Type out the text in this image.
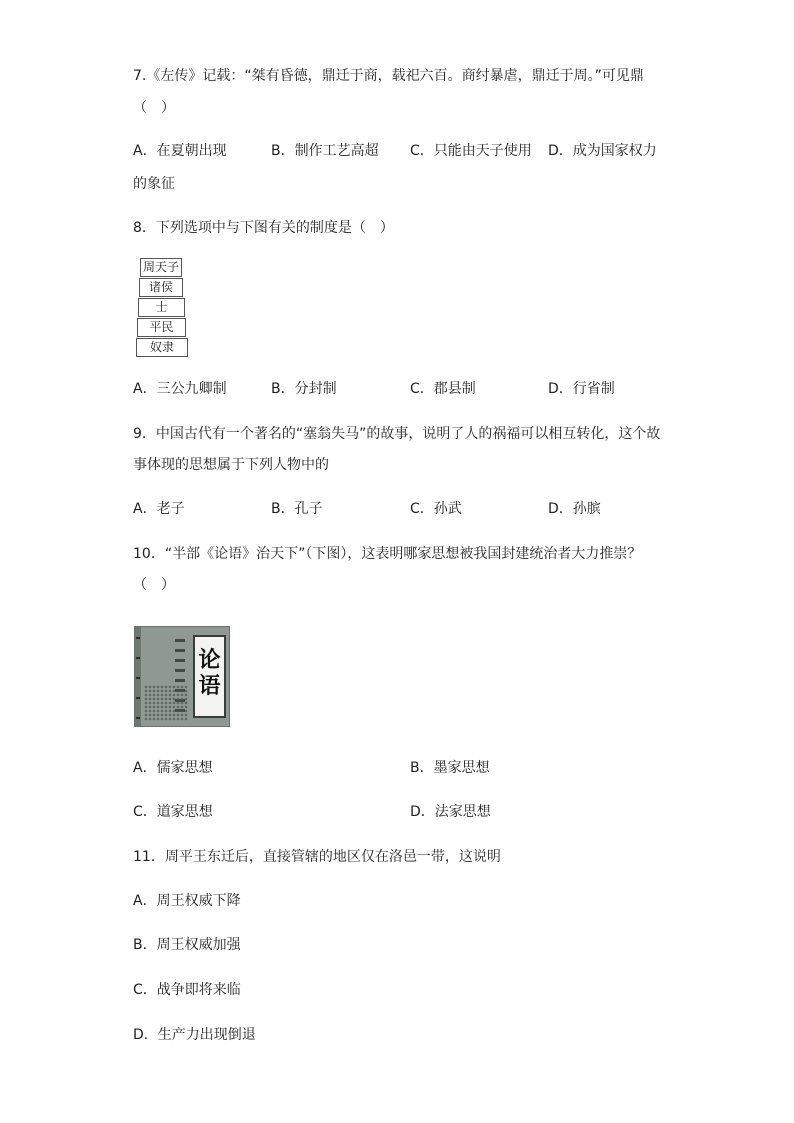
7.《左传》记载：“桀有昏德，鼎迁于商，载祀六百。商纣暴虐，鼎迁于周。”可见鼎
（　）
A．在夏朝出现	B．制作工艺高超 C．只能由天子使用 D．成为国家权力
的象征
8．下列选项中与下图有关的制度是（　）
周天子
诸侯
士
平民
奴隶
A．三公九卿制	B．分封制	C．郡县制	D．行省制
9．中国古代有一个著名的“塞翁失马”的故事，说明了人的祸福可以相互转化，这个故
事体现的思想属于下列人物中的
A．老子	B．孔子	C．孙武	D．孙膑
10．“半部《论语》治天下”（下图），这表明哪家思想被我国封建统治者大力推崇？
（　）
论
语
A．儒家思想	B．墨家思想
C．道家思想	D．法家思想
11．周平王东迁后，直接管辖的地区仅在洛邑一带，这说明
A．周王权威下降
B．周王权威加强
C．战争即将来临
D．生产力出现倒退
